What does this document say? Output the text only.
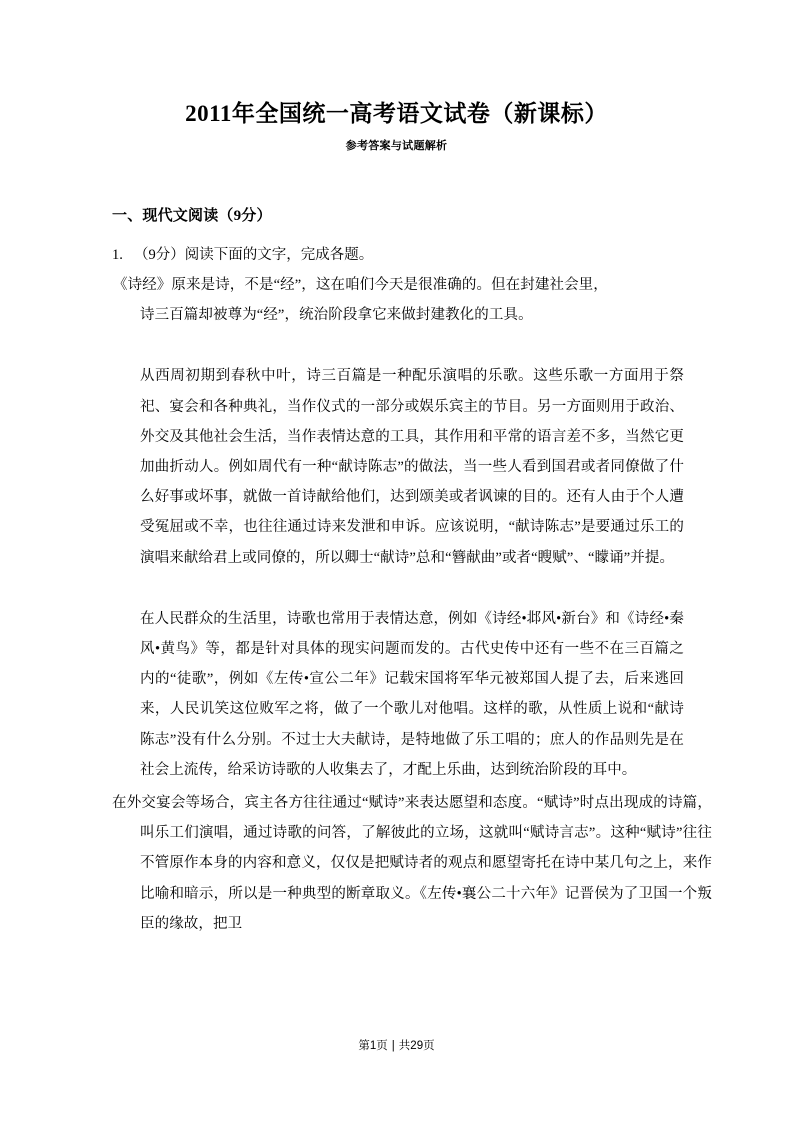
2011年全国统一高考语文试卷（新课标）
参考答案与试题解析
一、现代文阅读（9分）
1. （9分）阅读下面的文字，完成各题。
《诗经》原来是诗，不是“经”，这在咱们今天是很准确的。但在封建社会里，
诗三百篇却被尊为“经”，统治阶段拿它来做封建教化的工具。
从西周初期到春秋中叶，诗三百篇是一种配乐演唱的乐歌。这些乐歌一方面用于祭祀、宴会和各种典礼，当作仪式的一部分或娱乐宾主的节目。另一方面则用于政治、外交及其他社会生活，当作表情达意的工具，其作用和平常的语言差不多，当然它更加曲折动人。例如周代有一种“献诗陈志”的做法，当一些人看到国君或者同僚做了什么好事或坏事，就做一首诗献给他们，达到颂美或者讽谏的目的。还有人由于个人遭受冤屈或不幸，也往往通过诗来发泄和申诉。应该说明，“献诗陈志”是要通过乐工的演唱来献给君上或同僚的，所以卿士“献诗”总和“簪献曲”或者“瞍赋”、“矇诵”并提。
在人民群众的生活里，诗歌也常用于表情达意，例如《诗经•邶风•新台》和《诗经•秦风•黄鸟》等，都是针对具体的现实问题而发的。古代史传中还有一些不在三百篇之内的“徒歌”，例如《左传•宣公二年》记载宋国将军华元被郑国人提了去，后来逃回来，人民讥笑这位败军之将，做了一个歌儿对他唱。这样的歌，从性质上说和“献诗陈志”没有什么分别。不过士大夫献诗，是特地做了乐工唱的；庶人的作品则先是在社会上流传，给采访诗歌的人收集去了，才配上乐曲，达到统治阶段的耳中。
在外交宴会等场合，宾主各方往往通过“赋诗”来表达愿望和态度。“赋诗”时点出现成的诗篇，叫乐工们演唱，通过诗歌的问答，了解彼此的立场，这就叫“赋诗言志”。这种“赋诗”往往不管原作本身的内容和意义，仅仅是把赋诗者的观点和愿望寄托在诗中某几句之上，来作比喻和暗示，所以是一种典型的断章取义。《左传•襄公二十六年》记晋侯为了卫国一个叛臣的缘故，把卫
第1页 | 共29页
